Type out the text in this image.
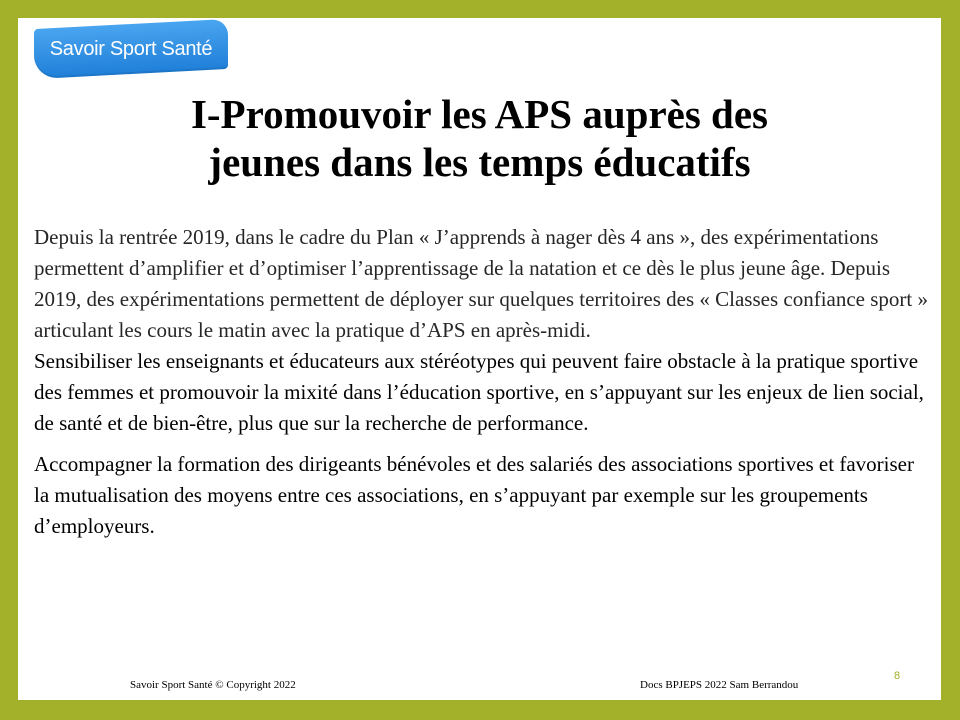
Savoir Sport Santé
I-Promouvoir les APS auprès des
jeunes dans les temps éducatifs

Depuis la rentrée 2019, dans le cadre du Plan « J’apprends à nager dès 4 ans », des expérimentations permettent d’amplifier et d’optimiser l’apprentissage de la natation et ce dès le plus jeune âge. Depuis 2019, des expérimentations permettent de déployer sur quelques territoires des « Classes confiance sport » articulant les cours le matin avec la pratique d’APS en après-midi.

Sensibiliser les enseignants et éducateurs aux stéréotypes qui peuvent faire obstacle à la pratique sportive des femmes et promouvoir la mixité dans l’éducation sportive, en s’appuyant sur les enjeux de lien social, de santé et de bien-être, plus que sur la recherche de performance.

Accompagner la formation des dirigeants bénévoles et des salariés des associations sportives et favoriser la mutualisation des moyens entre ces associations, en s’appuyant par exemple sur les groupements d’employeurs.

Savoir Sport Santé © Copyright 2022	Docs BPJEPS 2022 Sam Berrandou
8
